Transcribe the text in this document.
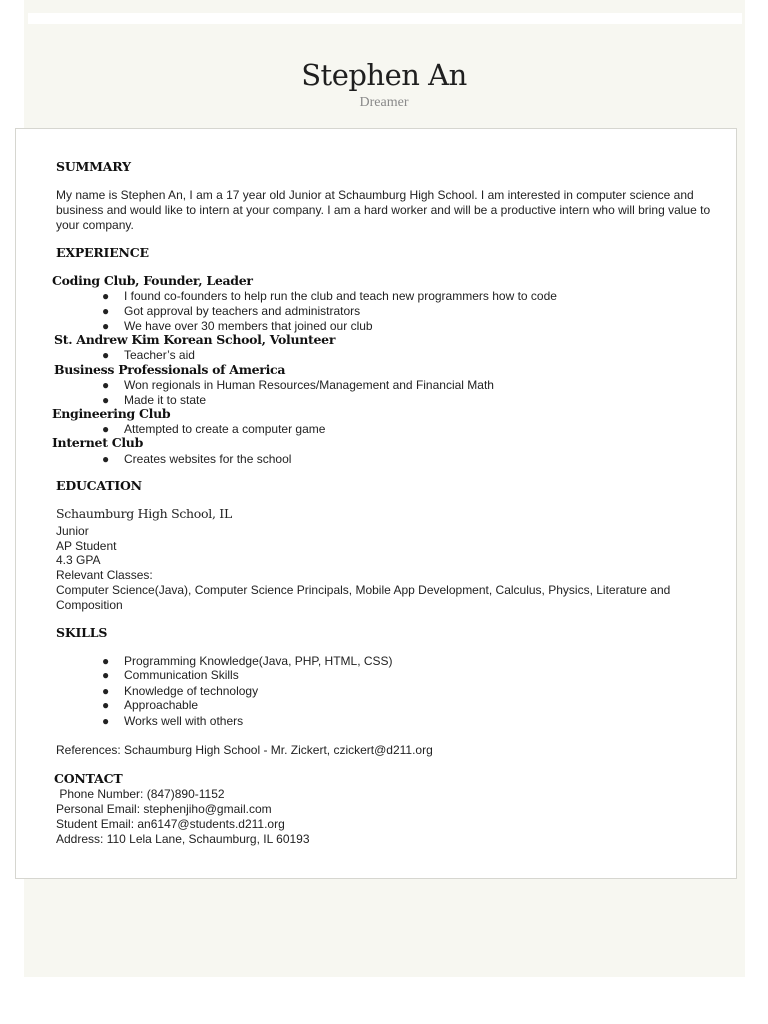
Stephen An
Dreamer
SUMMARY
My name is Stephen An, I am a 17 year old Junior at Schaumburg High School. I am interested in computer science and business and would like to intern at your company. I am a hard worker and will be a productive intern who will bring value to your company.
EXPERIENCE
Coding Club, Founder, Leader
● I found co-founders to help run the club and teach new programmers how to code
● Got approval by teachers and administrators
● We have over 30 members that joined our club
St. Andrew Kim Korean School, Volunteer
● Teacher’s aid
Business Professionals of America
● Won regionals in Human Resources/Management and Financial Math
● Made it to state
Engineering Club
● Attempted to create a computer game
Internet Club
● Creates websites for the school
EDUCATION
Schaumburg High School, IL
Junior
AP Student
4.3 GPA
Relevant Classes:
Computer Science(Java), Computer Science Principals, Mobile App Development, Calculus, Physics, Literature and Composition
SKILLS
● Programming Knowledge(Java, PHP, HTML, CSS)
● Communication Skills
● Knowledge of technology
● Approachable
● Works well with others
References: Schaumburg High School - Mr. Zickert, czickert@d211.org
CONTACT
Phone Number: (847)890-1152
Personal Email: stephenjiho@gmail.com
Student Email: an6147@students.d211.org
Address: 110 Lela Lane, Schaumburg, IL 60193
